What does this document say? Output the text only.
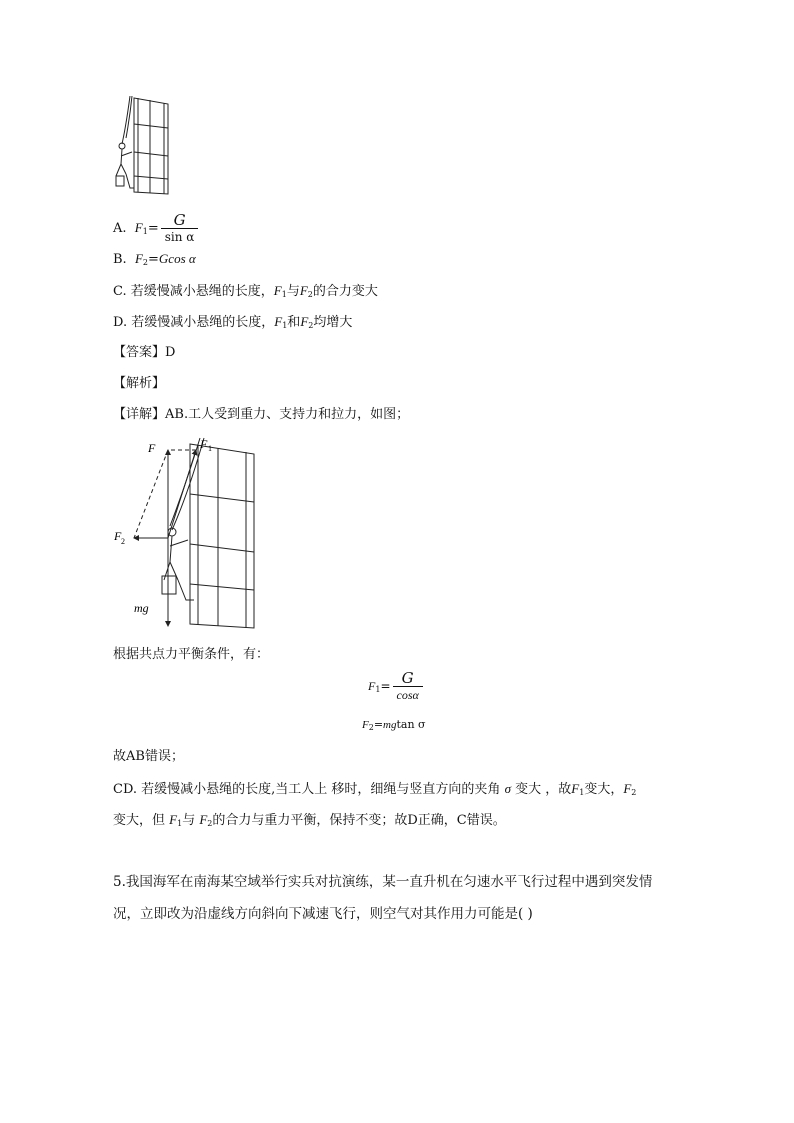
A. $F_1= \frac{G}{\text{sin α}}$
B. $F_2=Gcos$ α
C. 若缓慢减小悬绳的长度，$F_1$与$F_2$的合力变大
D. 若缓慢减小悬绳的长度，$F_1$和$F_2$均增大
【答案】D
【解析】
【详解】AB.工人受到重力、支持力和拉力，如图；
F	F 1
F 2
mg
根据共点力平衡条件，有：
$F_1= \frac{G}{\cos\alpha}$
$F_2=mgtan$ σ
故AB错误；
CD. 若缓慢减小悬绳的长度,当工人上 移时，细绳与竖直方向的夹角 σ 变大 ，故$F_1$变大，$F_2$
变大，但 $F_1$与 $F_2$的合力与重力平衡，保持不变；故D正确，C错误。
5.我国海军在南海某空域举行实兵对抗演练，某一直升机在匀速水平飞行过程中遇到突发情
况，立即改为沿虚线方向斜向下减速飞行，则空气对其作用力可能是( )
